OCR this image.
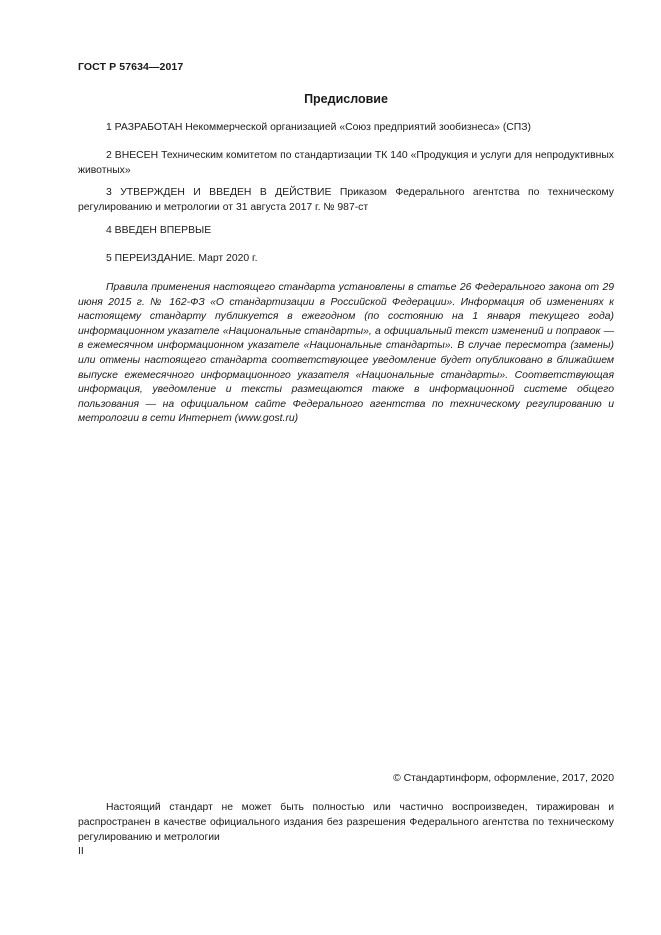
ГОСТ Р 57634—2017
Предисловие
1 РАЗРАБОТАН Некоммерческой организацией «Союз предприятий зообизнеса» (СПЗ)
2 ВНЕСЕН Техническим комитетом по стандартизации ТК 140 «Продукция и услуги для непродуктивных животных»
3 УТВЕРЖДЕН И ВВЕДЕН В ДЕЙСТВИЕ Приказом Федерального агентства по техническому регулированию и метрологии от 31 августа 2017 г. № 987-ст
4 ВВЕДЕН ВПЕРВЫЕ
5 ПЕРЕИЗДАНИЕ. Март 2020 г.
Правила применения настоящего стандарта установлены в статье 26 Федерального закона от 29 июня 2015 г. № 162-ФЗ «О стандартизации в Российской Федерации». Информация об изменениях к настоящему стандарту публикуется в ежегодном (по состоянию на 1 января текущего года) информационном указателе «Национальные стандарты», а официальный текст изменений и поправок — в ежемесячном информационном указателе «Национальные стандарты». В случае пересмотра (замены) или отмены настоящего стандарта соответствующее уведомление будет опубликовано в ближайшем выпуске ежемесячного информационного указателя «Национальные стандарты». Соответствующая информация, уведомление и тексты размещаются также в информационной системе общего пользования — на официальном сайте Федерального агентства по техническому регулированию и метрологии в сети Интернет (www.gost.ru)
© Стандартинформ, оформление, 2017, 2020
Настоящий стандарт не может быть полностью или частично воспроизведен, тиражирован и распространен в качестве официального издания без разрешения Федерального агентства по техническому регулированию и метрологии
II
